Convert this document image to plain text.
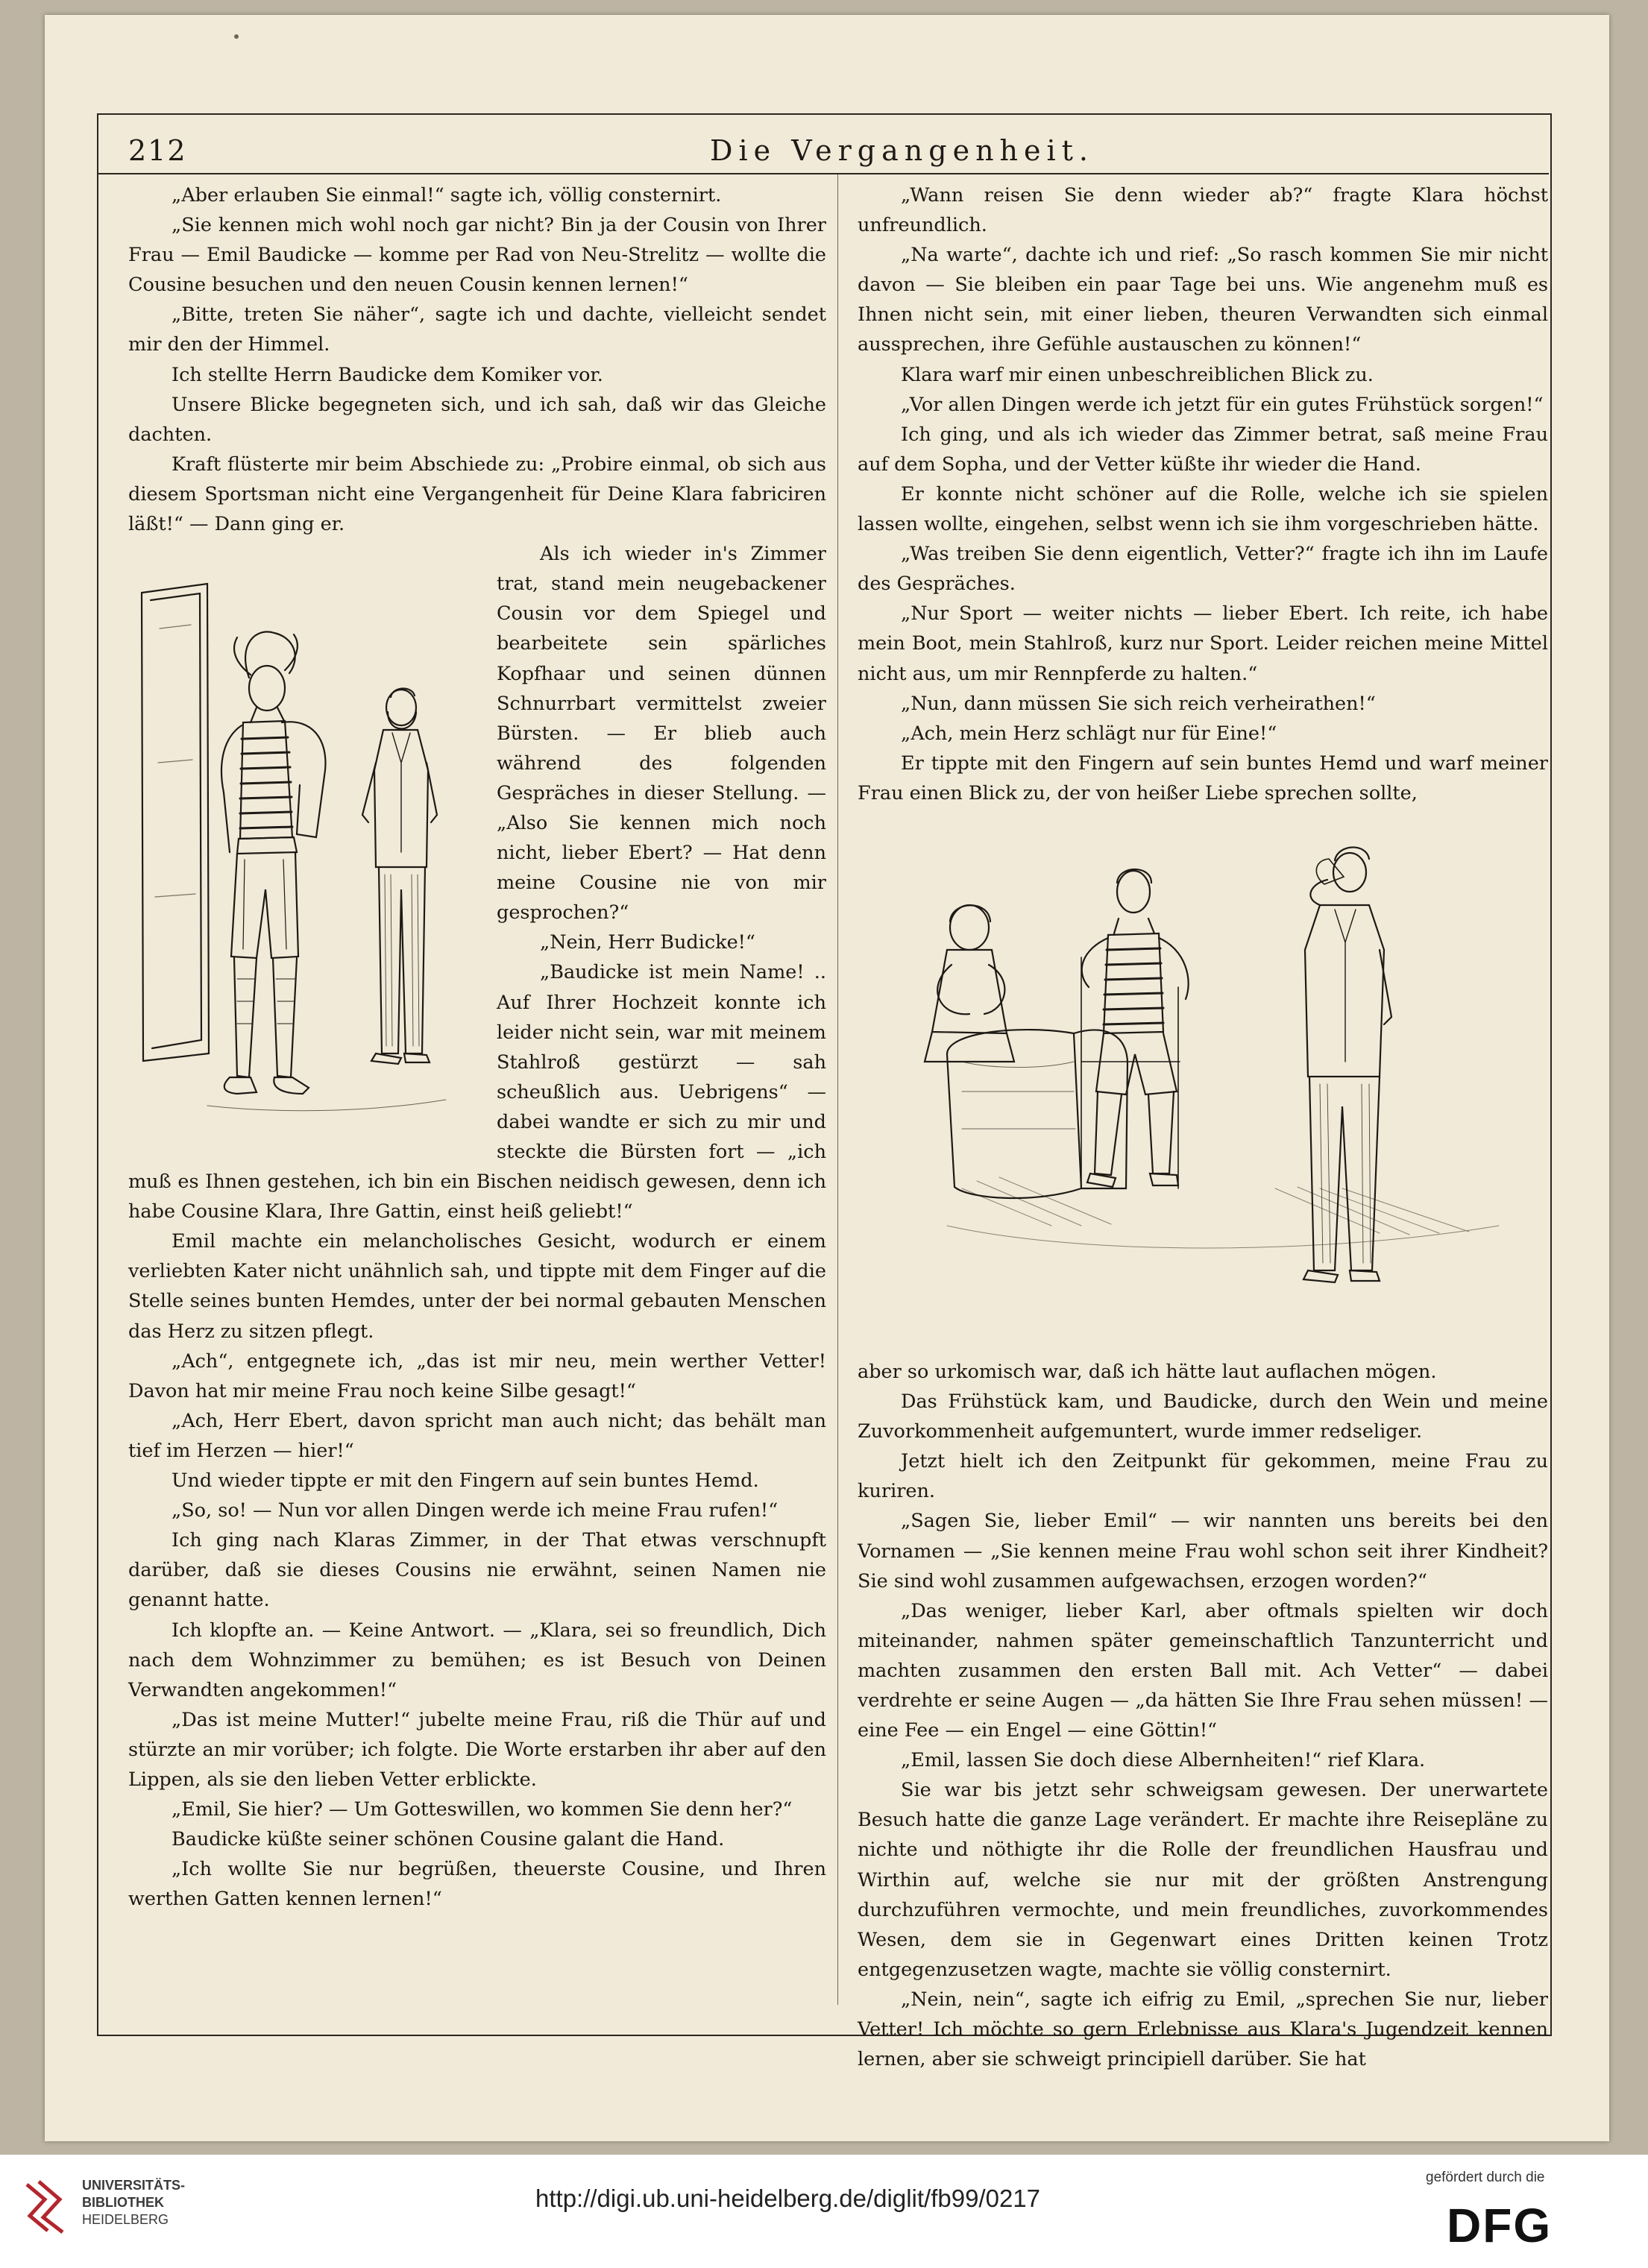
212	Die Vergangenheit.

„Aber erlauben Sie einmal!“ sagte ich, völlig consternirt.

„Sie kennen mich wohl noch gar nicht? Bin ja der Cousin von Ihrer Frau — Emil Baudicke — komme per Rad von Neu-Strelitz — wollte die Cousine besuchen und den neuen Cousin kennen lernen!“

„Bitte, treten Sie näher“, sagte ich und dachte, vielleicht sendet mir den der Himmel.

Ich stellte Herrn Baudicke dem Komiker vor.

Unsere Blicke begegneten sich, und ich sah, daß wir das Gleiche dachten.

Kraft flüsterte mir beim Abschiede zu: „Probire einmal, ob sich aus diesem Sportsman nicht eine Vergangenheit für Deine Klara fabriciren läßt!“ — Dann ging er.

Als ich wieder in's Zimmer trat, stand mein neugebackener Cousin vor dem Spiegel und bearbeitete sein spärliches Kopfhaar und seinen dünnen Schnurrbart vermittelst zweier Bürsten. — Er blieb auch während des folgenden Gespräches in dieser Stellung. — „Also Sie kennen mich noch nicht, lieber Ebert? — Hat denn meine Cousine nie von mir gesprochen?“

„Nein, Herr Budicke!“

„Baudicke ist mein Name! .. Auf Ihrer Hochzeit konnte ich leider nicht sein, war mit meinem Stahlroß gestürzt — sah scheußlich aus. Uebrigens“ — dabei wandte er sich zu mir und steckte die Bürsten fort — „ich muß es Ihnen gestehen, ich bin ein Bischen neidisch gewesen, denn ich habe Cousine Klara, Ihre Gattin, einst heiß geliebt!“

Emil machte ein melancholisches Gesicht, wodurch er einem verliebten Kater nicht unähnlich sah, und tippte mit dem Finger auf die Stelle seines bunten Hemdes, unter der bei normal gebauten Menschen das Herz zu sitzen pflegt.

„Ach“, entgegnete ich, „das ist mir neu, mein werther Vetter! Davon hat mir meine Frau noch keine Silbe gesagt!“

„Ach, Herr Ebert, davon spricht man auch nicht; das behält man tief im Herzen — hier!“

Und wieder tippte er mit den Fingern auf sein buntes Hemd.

„So, so! — Nun vor allen Dingen werde ich meine Frau rufen!“

Ich ging nach Klaras Zimmer, in der That etwas verschnupft darüber, daß sie dieses Cousins nie erwähnt, seinen Namen nie genannt hatte.

Ich klopfte an. — Keine Antwort. — „Klara, sei so freundlich, Dich nach dem Wohnzimmer zu bemühen; es ist Besuch von Deinen Verwandten angekommen!“

„Das ist meine Mutter!“ jubelte meine Frau, riß die Thür auf und stürzte an mir vorüber; ich folgte. Die Worte erstarben ihr aber auf den Lippen, als sie den lieben Vetter erblickte.

„Emil, Sie hier? — Um Gotteswillen, wo kommen Sie denn her?“

Baudicke küßte seiner schönen Cousine galant die Hand.

„Ich wollte Sie nur begrüßen, theuerste Cousine, und Ihren werthen Gatten kennen lernen!“

„Wann reisen Sie denn wieder ab?“ fragte Klara höchst unfreundlich.

„Na warte“, dachte ich und rief: „So rasch kommen Sie mir nicht davon — Sie bleiben ein paar Tage bei uns. Wie angenehm muß es Ihnen nicht sein, mit einer lieben, theuren Verwandten sich einmal aussprechen, ihre Gefühle austauschen zu können!“

Klara warf mir einen unbeschreiblichen Blick zu.

„Vor allen Dingen werde ich jetzt für ein gutes Frühstück sorgen!“

Ich ging, und als ich wieder das Zimmer betrat, saß meine Frau auf dem Sopha, und der Vetter küßte ihr wieder die Hand.

Er konnte nicht schöner auf die Rolle, welche ich sie spielen lassen wollte, eingehen, selbst wenn ich sie ihm vorgeschrieben hätte.

„Was treiben Sie denn eigentlich, Vetter?“ fragte ich ihn im Laufe des Gespräches.

„Nur Sport — weiter nichts — lieber Ebert. Ich reite, ich habe mein Boot, mein Stahlroß, kurz nur Sport. Leider reichen meine Mittel nicht aus, um mir Rennpferde zu halten.“

„Nun, dann müssen Sie sich reich verheirathen!“

„Ach, mein Herz schlägt nur für Eine!“

Er tippte mit den Fingern auf sein buntes Hemd und warf meiner Frau einen Blick zu, der von heißer Liebe sprechen sollte,

aber so urkomisch war, daß ich hätte laut auflachen mögen.

Das Frühstück kam, und Baudicke, durch den Wein und meine Zuvorkommenheit aufgemuntert, wurde immer redseliger.

Jetzt hielt ich den Zeitpunkt für gekommen, meine Frau zu kuriren.

„Sagen Sie, lieber Emil“ — wir nannten uns bereits bei den Vornamen — „Sie kennen meine Frau wohl schon seit ihrer Kindheit? Sie sind wohl zusammen aufgewachsen, erzogen worden?“

„Das weniger, lieber Karl, aber oftmals spielten wir doch miteinander, nahmen später gemeinschaftlich Tanzunterricht und machten zusammen den ersten Ball mit. Ach Vetter“ — dabei verdrehte er seine Augen — „da hätten Sie Ihre Frau sehen müssen! — eine Fee — ein Engel — eine Göttin!“

„Emil, lassen Sie doch diese Albernheiten!“ rief Klara.

Sie war bis jetzt sehr schweigsam gewesen. Der unerwartete Besuch hatte die ganze Lage verändert. Er machte ihre Reisepläne zu nichte und nöthigte ihr die Rolle der freundlichen Hausfrau und Wirthin auf, welche sie nur mit der größten Anstrengung durchzuführen vermochte, und mein freundliches, zuvorkommendes Wesen, dem sie in Gegenwart eines Dritten keinen Trotz entgegenzusetzen wagte, machte sie völlig consternirt.

„Nein, nein“, sagte ich eifrig zu Emil, „sprechen Sie nur, lieber Vetter! Ich möchte so gern Erlebnisse aus Klara's Jugendzeit kennen lernen, aber sie schweigt principiell darüber. Sie hat

UNIVERSITÄTS-
BIBLIOTHEK
HEIDELBERG
http://digi.ub.uni-heidelberg.de/diglit/fb99/0217
gefördert durch die
DFG
